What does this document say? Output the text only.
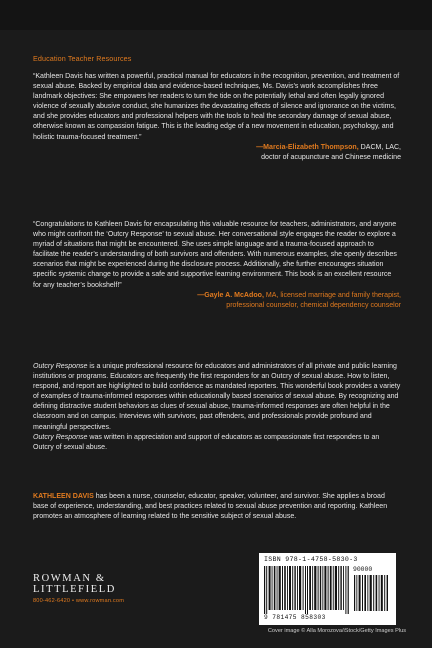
Education Teacher Resources

“Kathleen Davis has written a powerful, practical manual for educators in the recognition, prevention, and treatment of sexual abuse. Backed by empirical data and evidence-based techniques, Ms. Davis’s work accomplishes three landmark objectives: She empowers her readers to turn the tide on the potentially lethal and often legally ignored violence of sexually abusive conduct, she humanizes the devastating effects of silence and ignorance on the victims, and she provides educators and professional helpers with the tools to heal the secondary damage of sexual abuse, otherwise known as compassion fatigue. This is the leading edge of a new movement in education, psychology, and holistic trauma-focused treatment.”

—Marcia-Elizabeth Thompson, DACM, LAC,

doctor of acupuncture and Chinese medicine

“Congratulations to Kathleen Davis for encapsulating this valuable resource for teachers, administrators, and anyone who might confront the ‘Outcry Response’ to sexual abuse. Her conversational style engages the reader to explore a myriad of situations that might be encountered. She uses simple language and a trauma-focused approach to facilitate the reader’s understanding of both survivors and offenders. With numerous examples, she openly describes scenarios that might be experienced during the disclosure process. Additionally, she further encourages situation specific systemic change to provide a safe and supportive learning environment. This book is an excellent resource for any teacher’s bookshelf!”

—Gayle A. McAdoo, MA, licensed marriage and family therapist,

professional counselor, chemical dependency counselor

Outcry Response is a unique professional resource for educators and administrators of all private and public learning institutions or programs. Educators are frequently the first responders for an Outcry of sexual abuse. How to listen, respond, and report are highlighted to build confidence as mandated reporters. This wonderful book provides a variety of examples of trauma-informed responses within educationally based scenarios of sexual abuse. By recognizing and defining distractive student behaviors as clues of sexual abuse, trauma-informed responses are often helpful in the classroom and on campus. Interviews with survivors, past offenders, and professionals provide profound and meaningful perspectives.

Outcry Response was written in appreciation and support of educators as compassionate first responders to an Outcry of sexual abuse.

KATHLEEN DAVIS has been a nurse, counselor, educator, speaker, volunteer, and survivor. She applies a broad base of experience, understanding, and best practices related to sexual abuse prevention and reporting. Kathleen promotes an atmosphere of learning related to the sensitive subject of sexual abuse.

ROWMAN &
LITTLEFIELD
800-462-6420 • www.rowman.com
ISBN 978-1-4758-5830-3
90000
9 781475 858303
Cover image © Alla Morozova/iStock/Getty Images Plus
